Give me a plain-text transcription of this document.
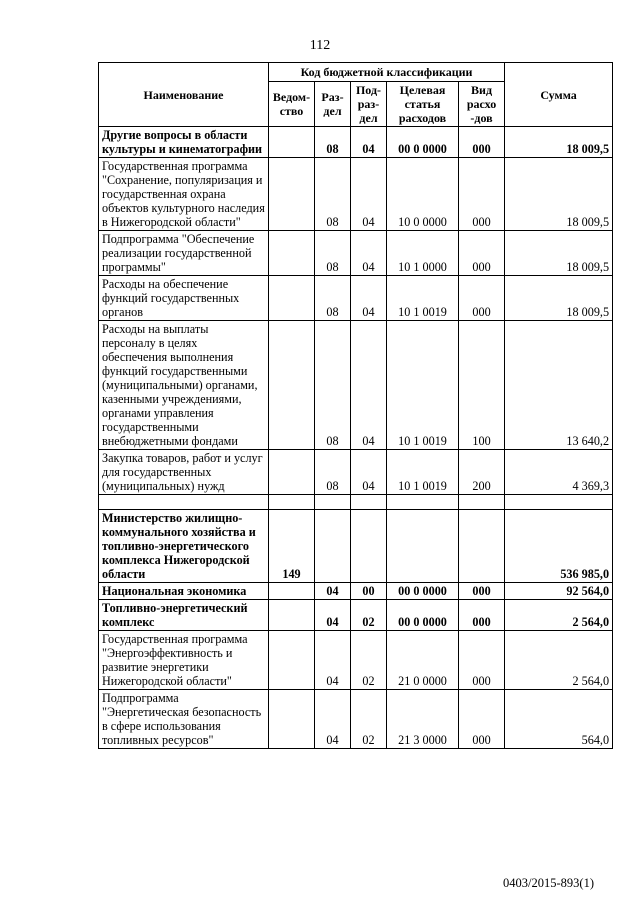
112
Наименование	Код бюджетной классификации					Сумма
	Ведом-ство	Раз-дел	Под-раз-дел	Целевая статья расходов	Вид расхо -дов	
Другие вопросы в области культуры и кинематографии		08	04	00 0 0000	000	18 009,5
Государственная программа "Сохранение, популяризация и государственная охрана объектов культурного наследия в Нижегородской области"		08	04	10 0 0000	000	18 009,5
Подпрограмма "Обеспечение реализации государственной программы"		08	04	10 1 0000	000	18 009,5
Расходы на обеспечение функций государственных органов		08	04	10 1 0019	000	18 009,5
Расходы на выплаты персоналу в целях обеспечения выполнения функций государственными (муниципальными) органами, казенными учреждениями, органами управления государственными внебюджетными фондами		08	04	10 1 0019	100	13 640,2
Закупка товаров, работ и услуг для государственных (муниципальных) нужд		08	04	10 1 0019	200	4 369,3

Министерство жилищно-коммунального хозяйства и топливно-энергетического комплекса Нижегородской области	149					536 985,0
Национальная экономика		04	00	00 0 0000	000	92 564,0
Топливно-энергетический комплекс		04	02	00 0 0000	000	2 564,0
Государственная программа "Энергоэффективность и развитие энергетики Нижегородской области"		04	02	21 0 0000	000	2 564,0
Подпрограмма "Энергетическая безопасность в сфере использования топливных ресурсов"		04	02	21 3 0000	000	564,0
0403/2015-893(1)
